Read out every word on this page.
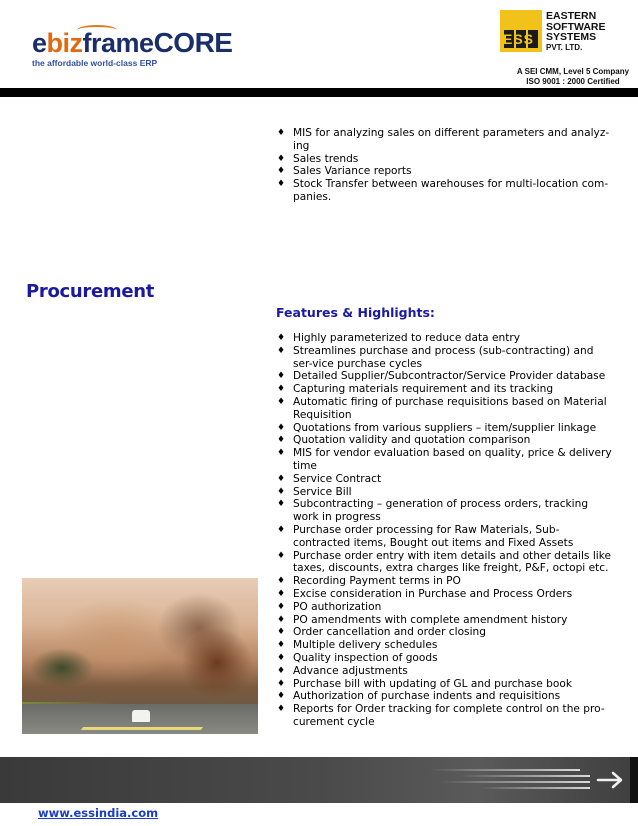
ebizframeCORE
the affordable world-class ERP
ESS
EASTERN
SOFTWARE
SYSTEMS
PVT. LTD.
A SEI CMM, Level 5 Company
ISO 9001 : 2000 Certified
♦ MIS for analyzing sales on different parameters and analyz-ing
♦ Sales trends
♦ Sales Variance reports
♦ Stock Transfer between warehouses for multi-location com-panies.
Procurement
Features & Highlights:
♦ Highly parameterized to reduce data entry
♦ Streamlines purchase and process (sub-contracting) and ser-vice purchase cycles
♦ Detailed Supplier/Subcontractor/Service Provider database
♦ Capturing materials requirement and its tracking
♦ Automatic firing of purchase requisitions based on Material Requisition
♦ Quotations from various suppliers – item/supplier linkage
♦ Quotation validity and quotation comparison
♦ MIS for vendor evaluation based on quality, price & delivery time
♦ Service Contract
♦ Service Bill
♦ Subcontracting – generation of process orders, tracking work in progress
♦ Purchase order processing for Raw Materials, Sub-contracted items, Bought out items and Fixed Assets
♦ Purchase order entry with item details and other details like taxes, discounts, extra charges like freight, P&F, octopi etc.
♦ Recording Payment terms in PO
♦ Excise consideration in Purchase and Process Orders
♦ PO authorization
♦ PO amendments with complete amendment history
♦ Order cancellation and order closing
♦ Multiple delivery schedules
♦ Quality inspection of goods
♦ Advance adjustments
♦ Purchase bill with updating of GL and purchase book
♦ Authorization of purchase indents and requisitions
♦ Reports for Order tracking for complete control on the pro-curement cycle
www.essindia.com
